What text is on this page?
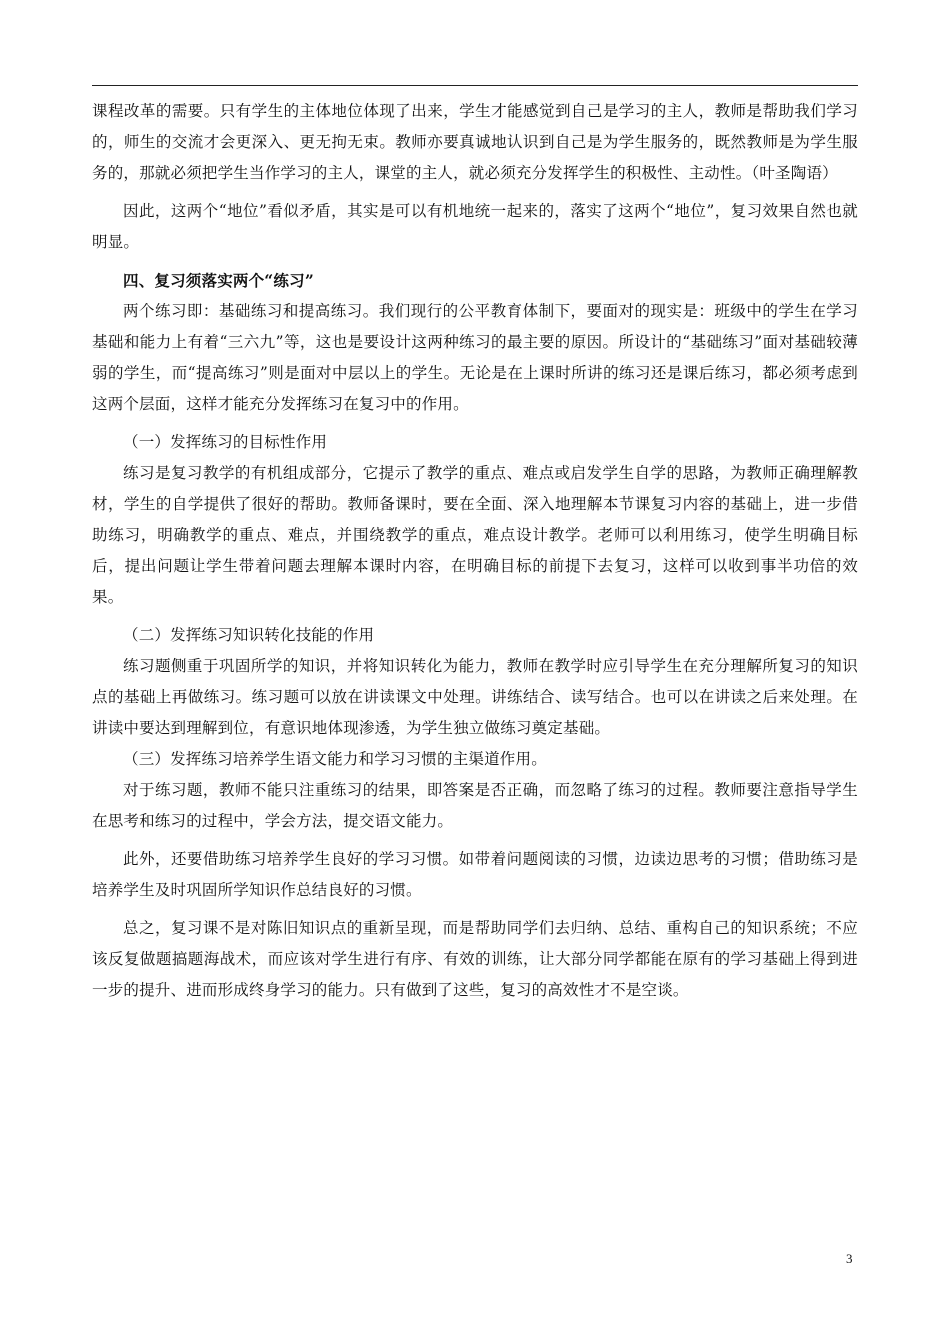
课程改革的需要。只有学生的主体地位体现了出来，学生才能感觉到自己是学习的主人，教师是帮助我们学习的，师生的交流才会更深入、更无拘无束。教师亦要真诚地认识到自己是为学生服务的，既然教师是为学生服务的，那就必须把学生当作学习的主人，课堂的主人，就必须充分发挥学生的积极性、主动性。（叶圣陶语）

因此，这两个“地位”看似矛盾，其实是可以有机地统一起来的，落实了这两个“地位”，复习效果自然也就明显。

四、复习须落实两个“练习”

两个练习即：基础练习和提高练习。我们现行的公平教育体制下，要面对的现实是：班级中的学生在学习基础和能力上有着“三六九”等，这也是要设计这两种练习的最主要的原因。所设计的“基础练习”面对基础较薄弱的学生，而“提高练习”则是面对中层以上的学生。无论是在上课时所讲的练习还是课后练习，都必须考虑到这两个层面，这样才能充分发挥练习在复习中的作用。

（一）发挥练习的目标性作用

练习是复习教学的有机组成部分，它提示了教学的重点、难点或启发学生自学的思路，为教师正确理解教材，学生的自学提供了很好的帮助。教师备课时，要在全面、深入地理解本节课复习内容的基础上，进一步借助练习，明确教学的重点、难点，并围绕教学的重点，难点设计教学。老师可以利用练习，使学生明确目标后，提出问题让学生带着问题去理解本课时内容，在明确目标的前提下去复习，这样可以收到事半功倍的效果。

（二）发挥练习知识转化技能的作用

练习题侧重于巩固所学的知识，并将知识转化为能力，教师在教学时应引导学生在充分理解所复习的知识点的基础上再做练习。练习题可以放在讲读课文中处理。讲练结合、读写结合。也可以在讲读之后来处理。在讲读中要达到理解到位，有意识地体现渗透，为学生独立做练习奠定基础。

（三）发挥练习培养学生语文能力和学习习惯的主渠道作用。

对于练习题，教师不能只注重练习的结果，即答案是否正确，而忽略了练习的过程。教师要注意指导学生在思考和练习的过程中，学会方法，提交语文能力。

此外，还要借助练习培养学生良好的学习习惯。如带着问题阅读的习惯，边读边思考的习惯；借助练习是培养学生及时巩固所学知识作总结良好的习惯。

总之，复习课不是对陈旧知识点的重新呈现，而是帮助同学们去归纳、总结、重构自己的知识系统；不应该反复做题搞题海战术，而应该对学生进行有序、有效的训练，让大部分同学都能在原有的学习基础上得到进一步的提升、进而形成终身学习的能力。只有做到了这些，复习的高效性才不是空谈。

3
